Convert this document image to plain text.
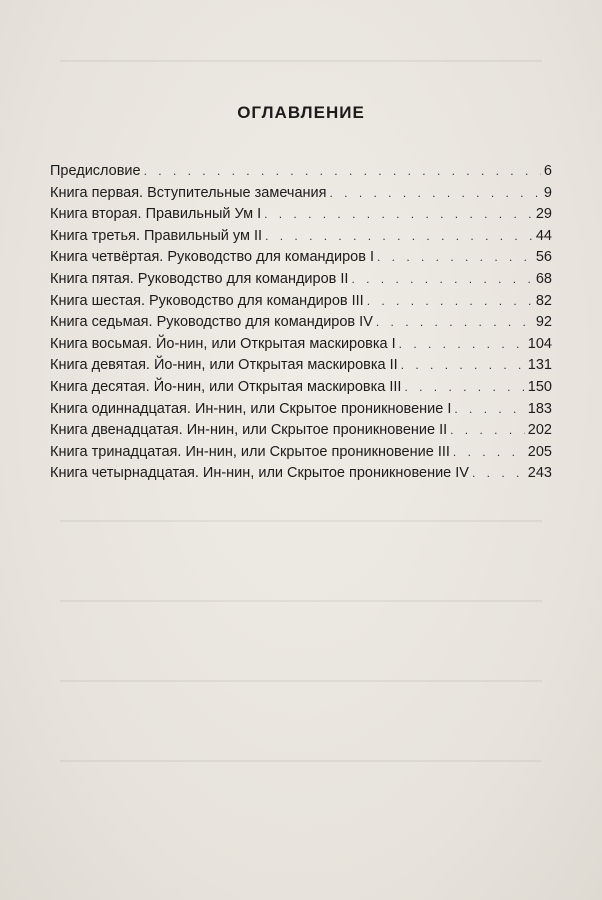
ОГЛАВЛЕНИЕ
Предисловие . . .	6
Книга первая. Вступительные замечания . . .	9
Книга вторая. Правильный Ум I . . .	29
Книга третья. Правильный ум II . . .	44
Книга четвёртая. Руководство для командиров I . . .	56
Книга пятая. Руководство для командиров II . . .	68
Книга шестая. Руководство для командиров III . . .	82
Книга седьмая. Руководство для командиров IV . . .	92
Книга восьмая. Йо-нин, или Открытая маскировка I . . .	104
Книга девятая. Йо-нин, или Открытая маскировка II . . .	131
Книга десятая. Йо-нин, или Открытая маскировка III . . .	150
Книга одиннадцатая. Ин-нин, или Скрытое проникновение I . . .	183
Книга двенадцатая. Ин-нин, или Скрытое проникновение II . . .	202
Книга тринадцатая. Ин-нин, или Скрытое проникновение III . . .	205
Книга четырнадцатая. Ин-нин, или Скрытое проникновение IV . . .	243
